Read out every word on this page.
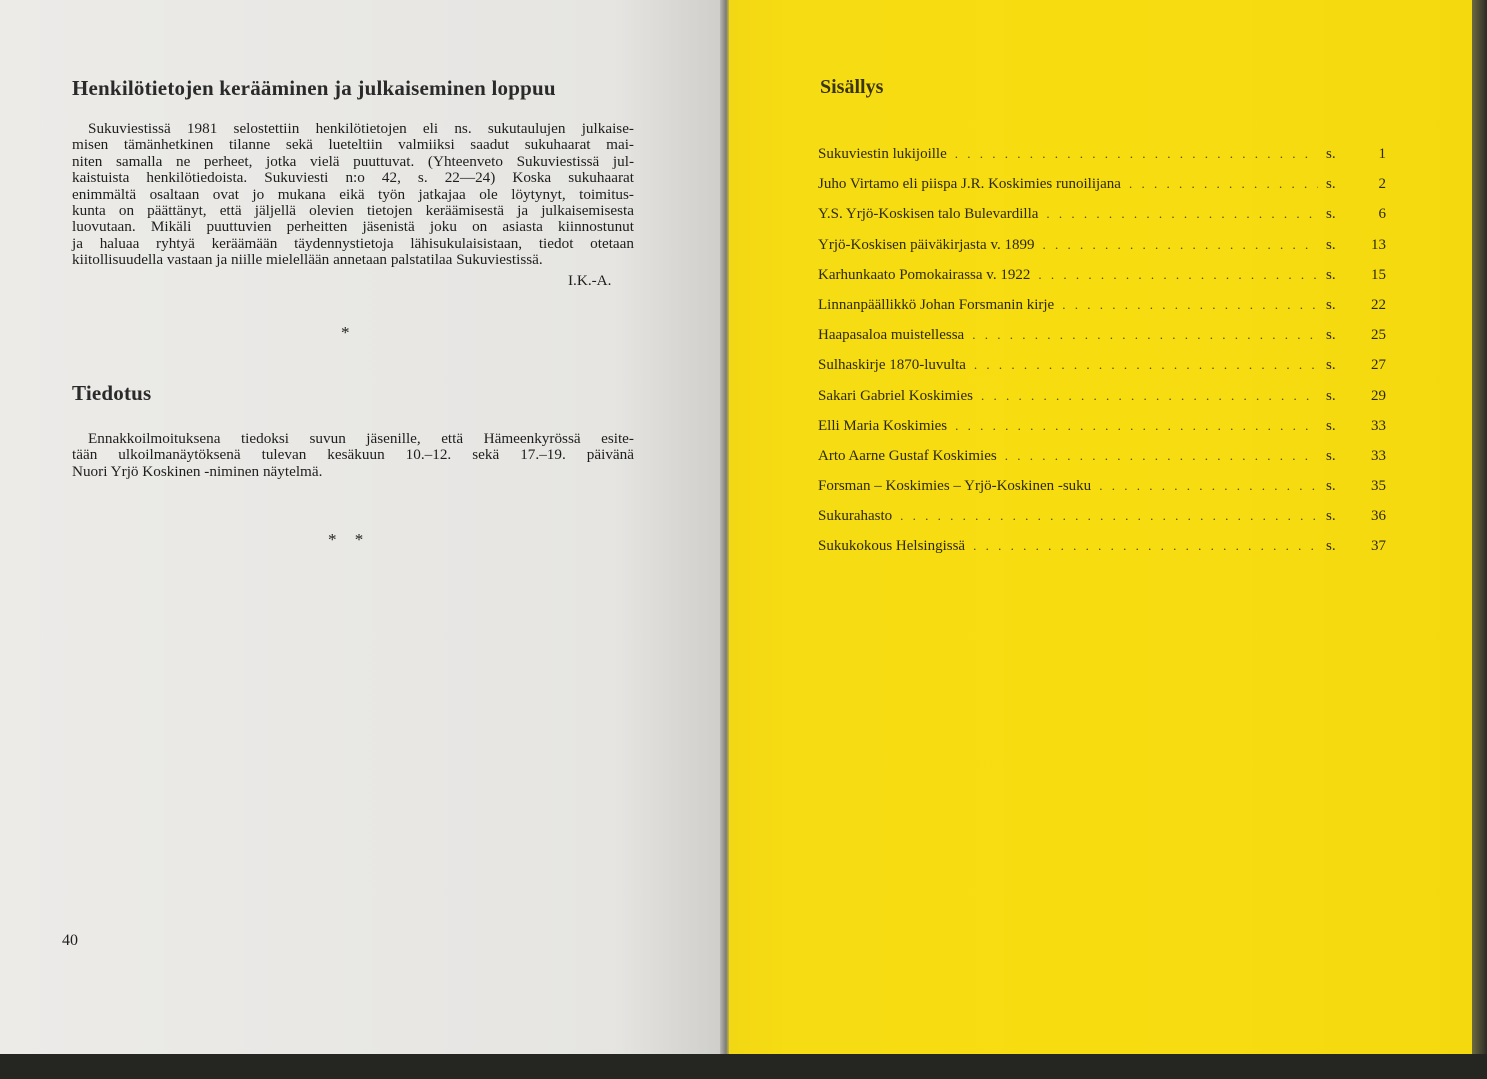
Henkilötietojen kerääminen ja julkaiseminen loppuu
Sukuviestissä 1981 selostettiin henkilötietojen eli ns. sukutaulujen julkaise-
misen tämänhetkinen tilanne sekä lueteltiin valmiiksi saadut sukuhaarat mai-
niten samalla ne perheet, jotka vielä puuttuvat. (Yhteenveto Sukuviestissä jul-
kaistuista henkilötiedoista. Sukuviesti n:o 42, s. 22—24) Koska sukuhaarat
enimmältä osaltaan ovat jo mukana eikä työn jatkajaa ole löytynyt, toimitus-
kunta on päättänyt, että jäljellä olevien tietojen keräämisestä ja julkaisemisesta
luovutaan. Mikäli puuttuvien perheitten jäsenistä joku on asiasta kiinnostunut
ja haluaa ryhtyä keräämään täydennystietoja lähisukulaisistaan, tiedot otetaan
kiitollisuudella vastaan ja niille mielellään annetaan palstatilaa Sukuviestissä.

I.K.-A.

*

Tiedotus
Ennakkoilmoituksena tiedoksi suvun jäsenille, että Hämeenkyrössä esite-
tään ulkoilmanäytöksenä tulevan kesäkuun 10.–12. sekä 17.–19. päivänä
Nuori Yrjö Koskinen -niminen näytelmä.

* *

40

Sisällys
Sukuviestin lukijoille . . .	s.	1
Juho Virtamo eli piispa J.R. Koskimies runoilijana . . .	s.	2
Y.S. Yrjö-Koskisen talo Bulevardilla . . .	s.	6
Yrjö-Koskisen päiväkirjasta v. 1899 . . .	s.	13
Karhunkaato Pomokairassa v. 1922 . . .	s.	15
Linnanpäällikkö Johan Forsmanin kirje . . .	s.	22
Haapasaloa muistellessa . . .	s.	25
Sulhaskirje 1870-luvulta . . .	s.	27
Sakari Gabriel Koskimies . . .	s.	29
Elli Maria Koskimies . . .	s.	33
Arto Aarne Gustaf Koskimies . . .	s.	33
Forsman – Koskimies – Yrjö-Koskinen -suku . . .	s.	35
Sukurahasto . . .	s.	36
Sukukokous Helsingissä . . .	s.	37
